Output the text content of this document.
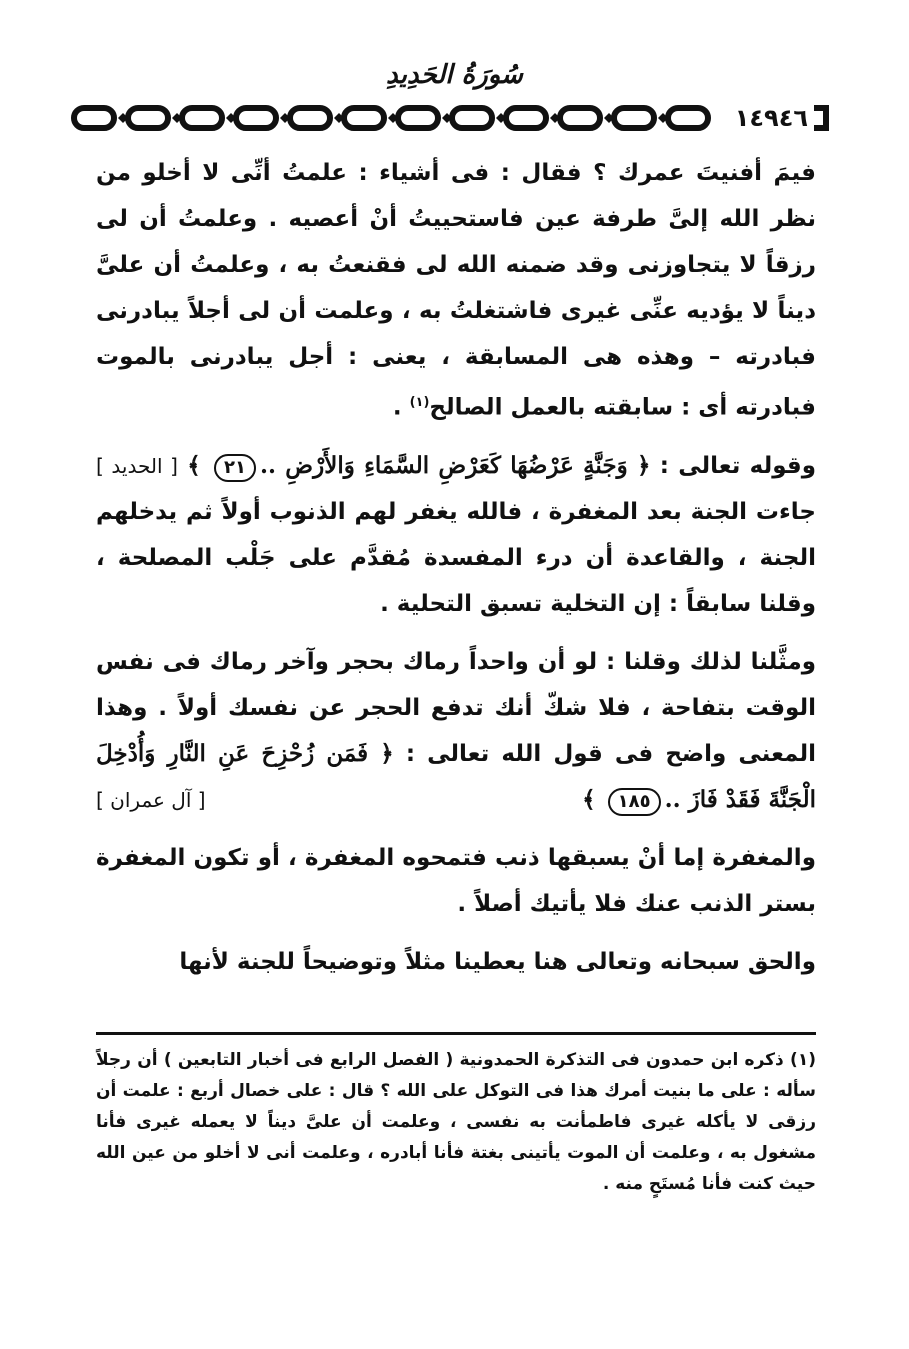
سُورَةُ الحَدِيدِ
١٤٩٤٦

فيمَ أفنيتَ عمرك ؟ فقال : فى أشياء : علمتُ أنِّى لا أخلو من نظر الله إلىَّ طرفة عين فاستحييتُ أنْ أعصيه . وعلمتُ أن لى رزقاً لا يتجاوزنى وقد ضمنه الله لى فقنعتُ به ، وعلمتُ أن علىَّ ديناً لا يؤديه عنِّى غيرى فاشتغلتُ به ، وعلمت أن لى أجلاً يبادرنى فبادرته – وهذه هى المسابقة ، يعنى : أجل يبادرنى بالموت فبادرته أى : سابقته بالعمل الصالح$^{(١)}$ .

وقوله تعالى : ﴿ وَجَنَّةٍ عَرْضُهَا كَعَرْضِ السَّمَاءِ وَالأَرْضِ ..٢١ ﴾ [ الحديد ] جاءت الجنة بعد المغفرة ، فالله يغفر لهم الذنوب أولاً ثم يدخلهم الجنة ، والقاعدة أن درء المفسدة مُقدَّم على جَلْب المصلحة ، وقلنا سابقاً : إن التخلية تسبق التحلية .

ومثَّلنا لذلك وقلنا : لو أن واحداً رماك بحجر وآخر رماك فى نفس الوقت بتفاحة ، فلا شكّ أنك تدفع الحجر عن نفسك أولاً . وهذا المعنى واضح فى قول الله تعالى : ﴿ فَمَن زُحْزِحَ عَنِ النَّارِ وَأُدْخِلَ الْجَنَّةَ فَقَدْ فَازَ ..١٨٥ ﴾
[ آل عمران ]

والمغفرة إما أنْ يسبقها ذنب فتمحوه المغفرة ، أو تكون المغفرة بستر الذنب عنك فلا يأتيك أصلاً .

والحق سبحانه وتعالى هنا يعطينا مثلاً وتوضيحاً للجنة لأنها

(١) ذكره ابن حمدون فى التذكرة الحمدونية ( الفصل الرابع فى أخبار التابعين ) أن رجلاً سأله : على ما بنيت أمرك هذا فى التوكل على الله ؟ قال : على خصال أربع : علمت أن رزقى لا يأكله غيرى فاطمأنت به نفسى ، وعلمت أن علىَّ ديناً لا يعمله غيرى فأنا مشغول به ، وعلمت أن الموت يأتينى بغتة فأنا أبادره ، وعلمت أنى لا أخلو من عين الله حيث كنت فأنا مُستَحٍ منه .
